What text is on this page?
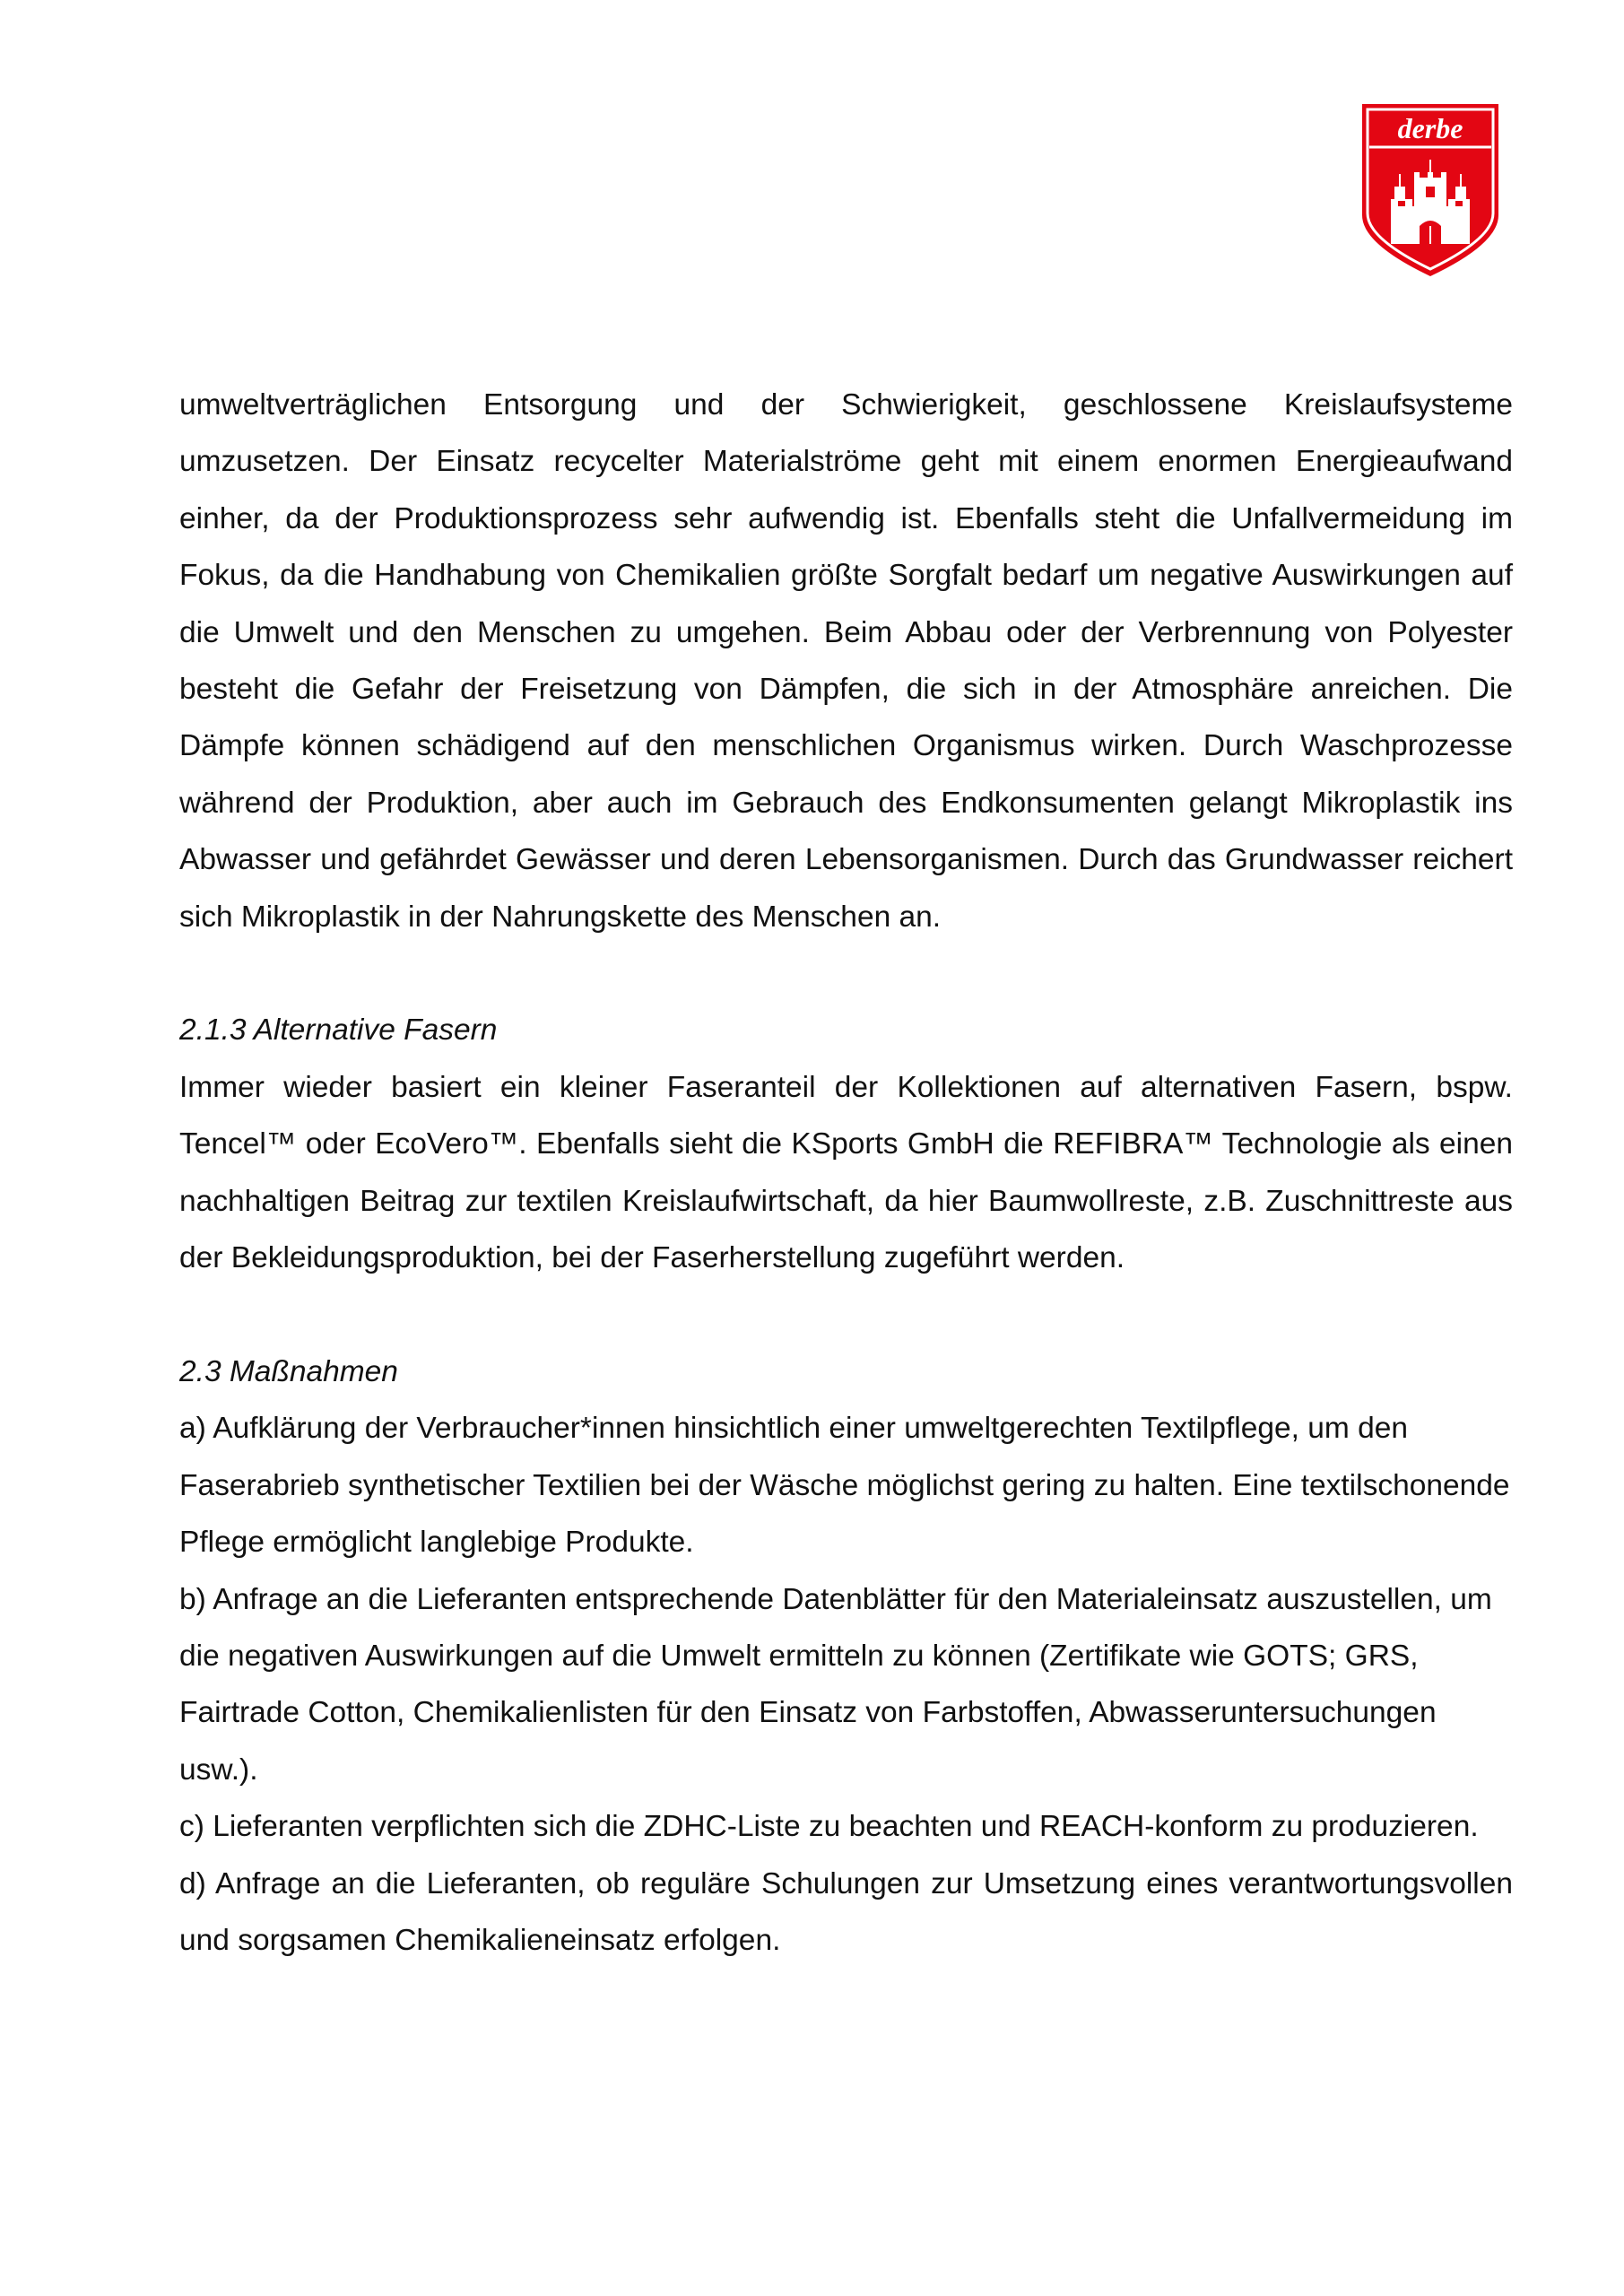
derbe

umweltverträglichen Entsorgung und der Schwierigkeit, geschlossene Kreislaufsysteme umzusetzen. Der Einsatz recycelter Materialströme geht mit einem enormen Energieaufwand einher, da der Produktionsprozess sehr aufwendig ist. Ebenfalls steht die Unfallvermeidung im Fokus, da die Handhabung von Chemikalien größte Sorgfalt bedarf um negative Auswirkungen auf die Umwelt und den Menschen zu umgehen. Beim Abbau oder der Verbrennung von Polyester besteht die Gefahr der Freisetzung von Dämpfen, die sich in der Atmosphäre anreichen. Die Dämpfe können schädigend auf den menschlichen Organismus wirken. Durch Waschprozesse während der Produktion, aber auch im Gebrauch des Endkonsumenten gelangt Mikroplastik ins Abwasser und gefährdet Gewässer und deren Lebensorganismen. Durch das Grundwasser reichert sich Mikroplastik in der Nahrungskette des Menschen an.

2.1.3 Alternative Fasern

Immer wieder basiert ein kleiner Faseranteil der Kollektionen auf alternativen Fasern, bspw. Tencel™ oder EcoVero™. Ebenfalls sieht die KSports GmbH die REFIBRA™ Technologie als einen nachhaltigen Beitrag zur textilen Kreislaufwirtschaft, da hier Baumwollreste, z.B. Zuschnittreste aus der Bekleidungsproduktion, bei der Faserherstellung zugeführt werden.

2.3 Maßnahmen

a) Aufklärung der Verbraucher*innen hinsichtlich einer umweltgerechten Textilpflege, um den Faserabrieb synthetischer Textilien bei der Wäsche möglichst gering zu halten. Eine textilschonende Pflege ermöglicht langlebige Produkte.

b) Anfrage an die Lieferanten entsprechende Datenblätter für den Materialeinsatz auszustellen, um die negativen Auswirkungen auf die Umwelt ermitteln zu können (Zertifikate wie GOTS; GRS, Fairtrade Cotton, Chemikalienlisten für den Einsatz von Farbstoffen, Abwasseruntersuchungen usw.).

c) Lieferanten verpflichten sich die ZDHC-Liste zu beachten und REACH-konform zu produzieren.

d) Anfrage an die Lieferanten, ob reguläre Schulungen zur Umsetzung eines verantwortungsvollen und sorgsamen Chemikalieneinsatz erfolgen.
